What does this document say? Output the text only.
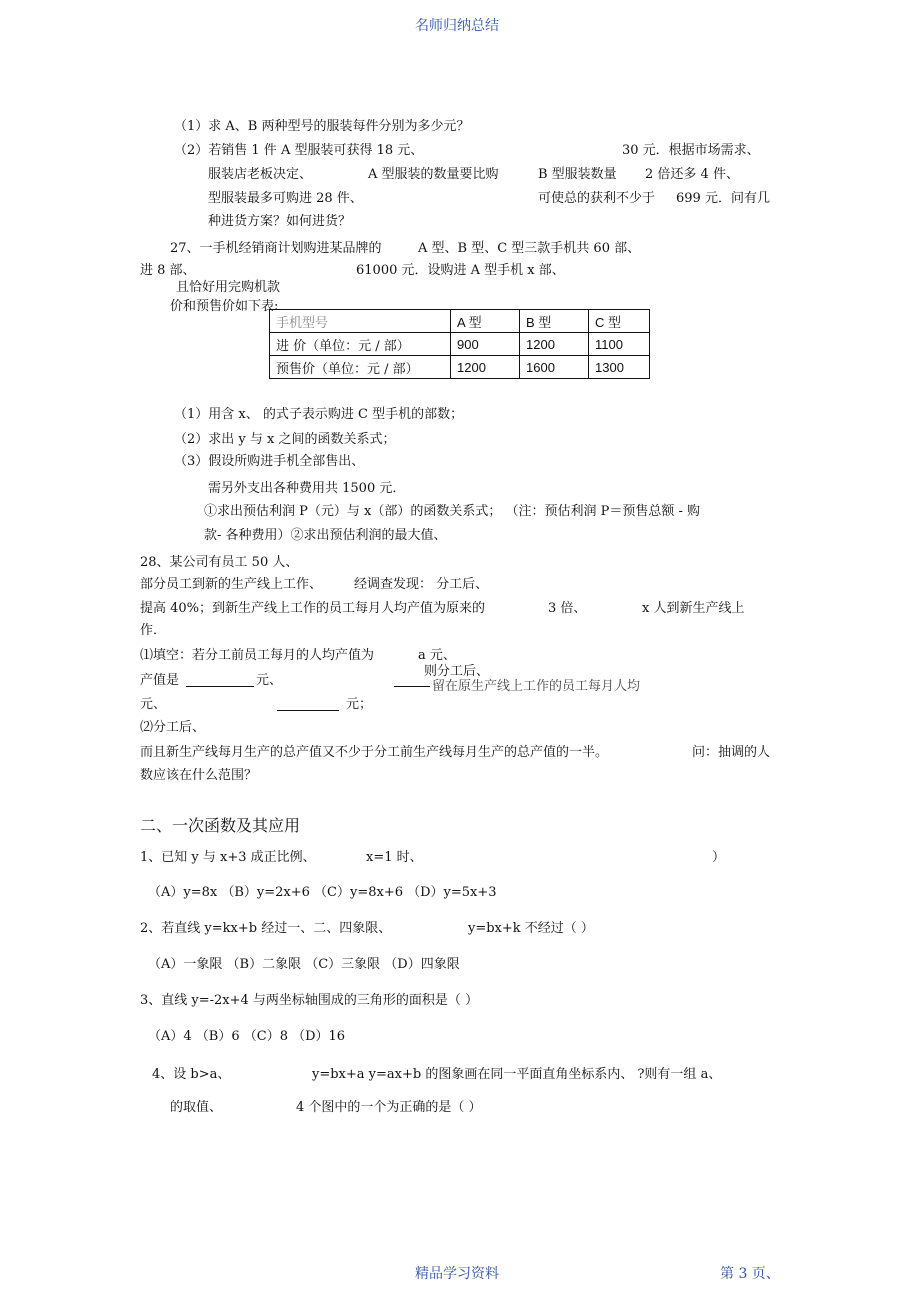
名师归纳总结
（1）求 A、B 两种型号的服装每件分别为多少元？
（2）若销售 1 件 A 型服装可获得 18 元、	30 元．根据市场需求、
服装店老板决定、	A 型服装的数量要比购	B 型服装数量 2 倍还多 4 件、
型服装最多可购进 28 件、	可使总的获利不少于 699 元．问有几
种进货方案？如何进货？
27、一手机经销商计划购进某品牌的	A 型、B 型、C 型三款手机共 60 部、
进 8 部、	61000 元．设购进 A 型手机 x 部、
且恰好用完购机款
价和预售价如下表:
手机型号	A 型	B 型	C 型
进 价（单位：元 / 部）	900	1200	1100
预售价（单位：元 / 部）	1200	1600	1300
（1）用含 x、 的式子表示购进 C 型手机的部数；
（2）求出 y 与 x 之间的函数关系式；
（3）假设所购进手机全部售出、
需另外支出各种费用共 1500 元．
①求出预估利润 P（元）与 x（部）的函数关系式； （注：预估利润 P＝预售总额 - 购
款- 各种费用）②求出预估利润的最大值、
28、某公司有员工 50 人、
部分员工到新的生产线上工作、 经调查发现： 分工后、
提高 40%；到新生产线上工作的员工每月人均产值为原来的	3 倍、	x 人到新生产线上
作．
⑴填空：若分工前员工每月的人均产值为	a 元、
则分工后、
产值是	元、	留在原生产线上工作的员工每月人均
元、	元；
⑵分工后、
而且新生产线每月生产的总产值又不少于分工前生产线每月生产的总产值的一半。	问：抽调的人
数应该在什么范围？
二、一次函数及其应用
1、已知 y 与 x+3 成正比例、	x=1 时、	）
（A）y=8x （B）y=2x+6 （C）y=8x+6 （D）y=5x+3
2、若直线 y=kx+b 经过一、二、四象限、	y=bx+k 不经过（ ）
（A）一象限 （B）二象限 （C）三象限 （D）四象限
3、直线 y=-2x+4 与两坐标轴围成的三角形的面积是（ ）
（A）4 （B）6 （C）8 （D）16
4、设 b>a、	y=bx+a y=ax+b 的图象画在同一平面直角坐标系内、 ?则有一组 a、
的取值、	4 个图中的一个为正确的是（ ）
精品学习资料	第 3 页、
